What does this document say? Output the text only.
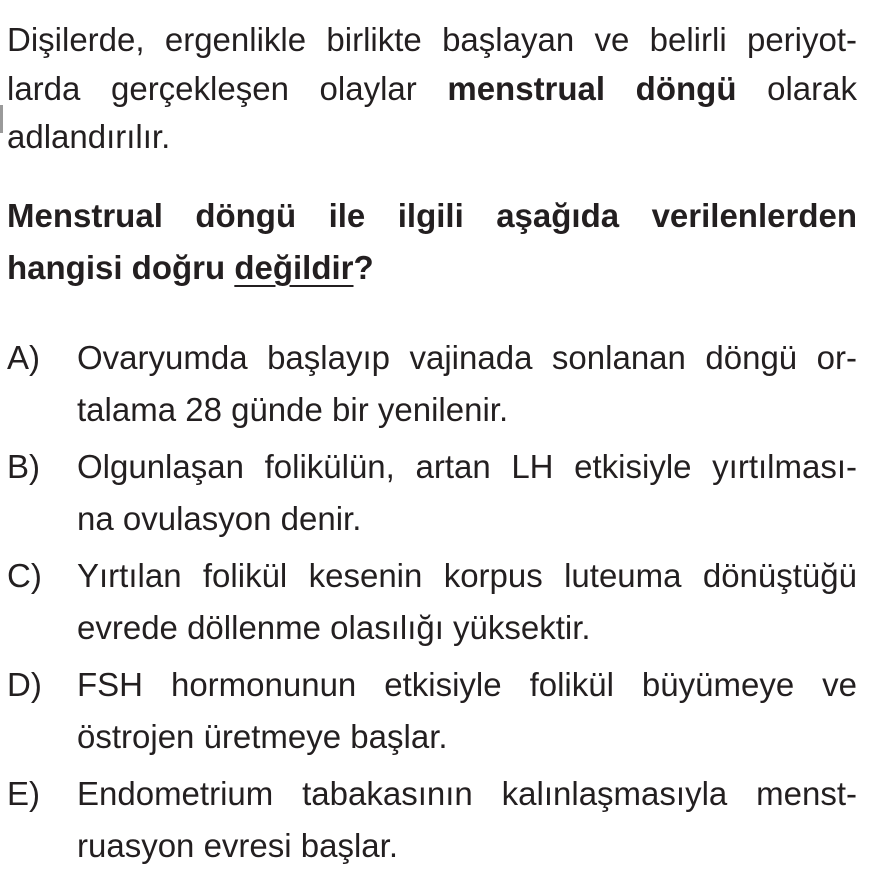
Dişilerde, ergenlikle birlikte başlayan ve belirli periyot-
larda gerçekleşen olaylar menstrual döngü olarak
adlandırılır.

Menstrual döngü ile ilgili aşağıda verilenlerden
hangisi doğru değildir?

A)	Ovaryumda başlayıp vajinada sonlanan döngü or-
talama 28 günde bir yenilenir.
B)	Olgunlaşan folikülün, artan LH etkisiyle yırtılması-
na ovulasyon denir.
C)	Yırtılan folikül kesenin korpus luteuma dönüştüğü
evrede döllenme olasılığı yüksektir.
D)	FSH hormonunun etkisiyle folikül büyümeye ve
östrojen üretmeye başlar.
E)	Endometrium tabakasının kalınlaşmasıyla menst-
ruasyon evresi başlar.
